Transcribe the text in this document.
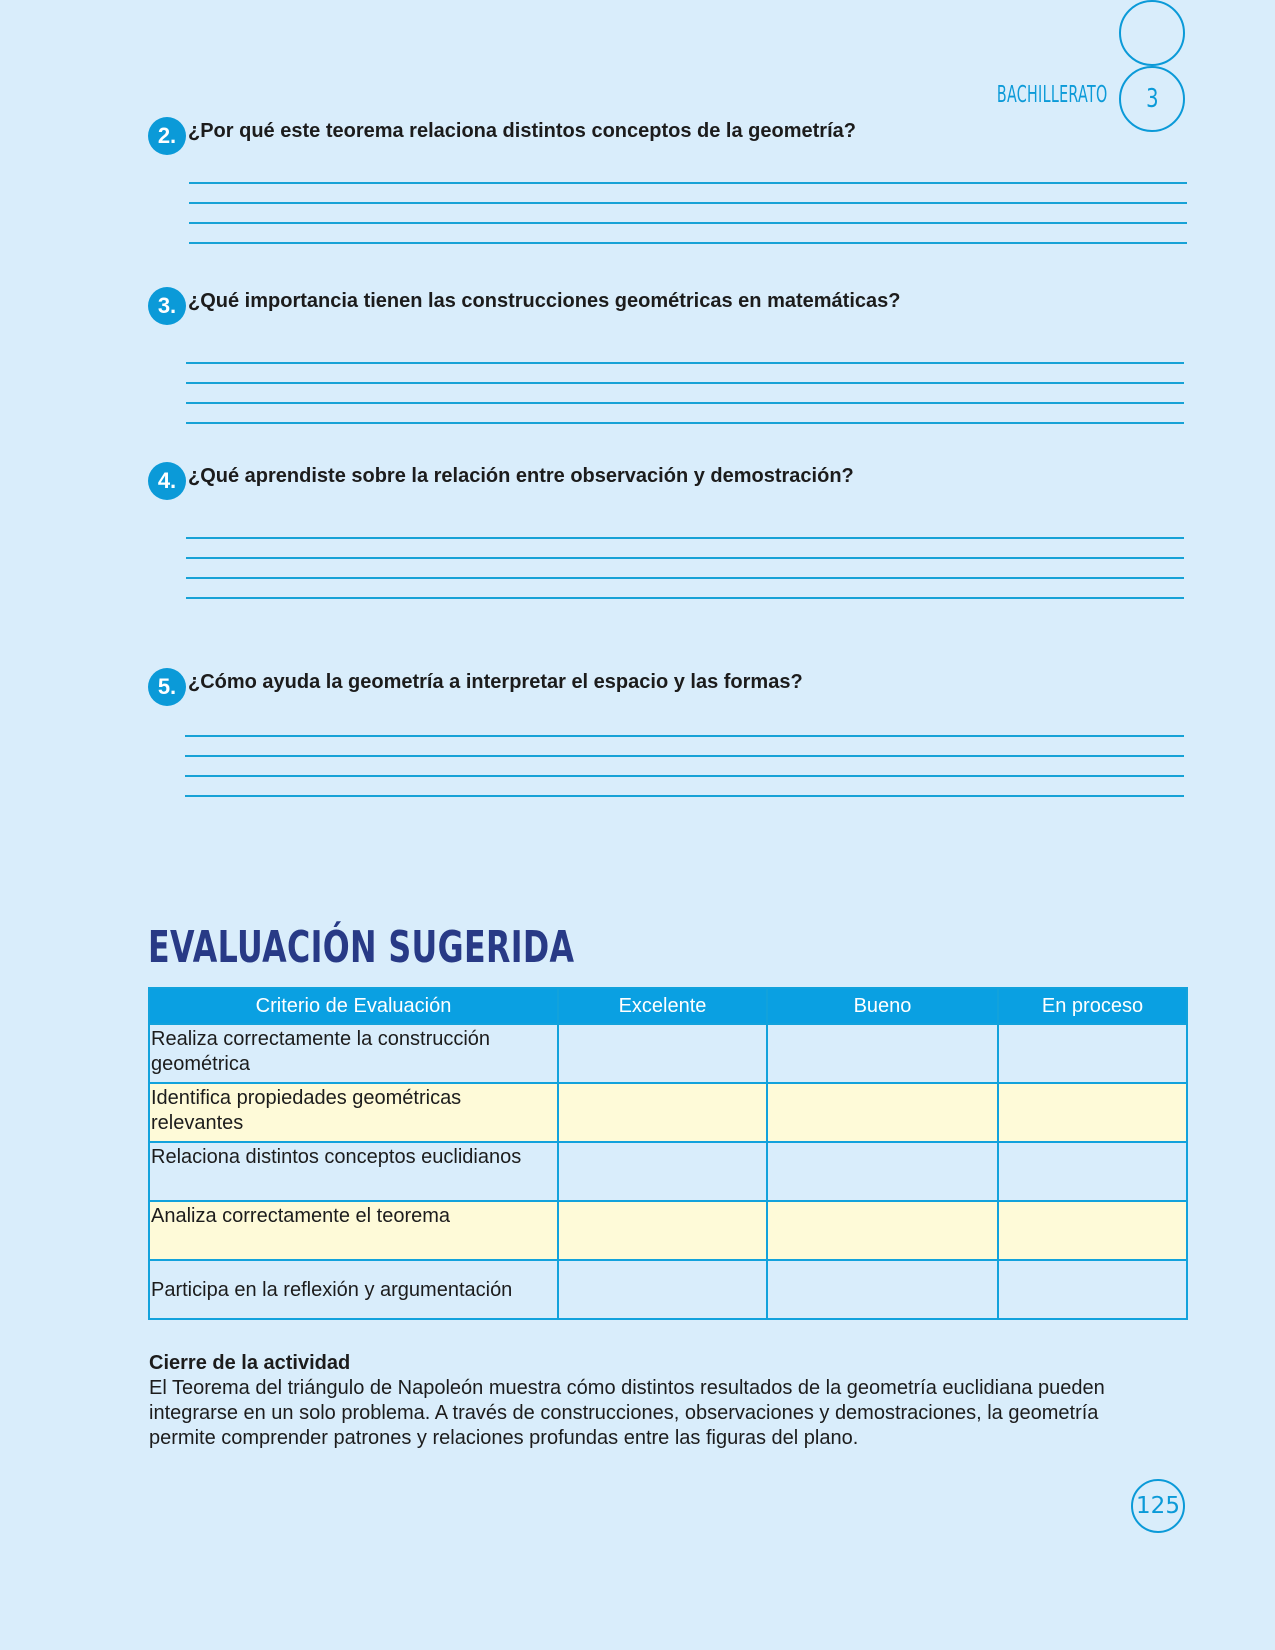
BACHILLERATO 3
2. ¿Por qué este teorema relaciona distintos conceptos de la geometría?
3. ¿Qué importancia tienen las construcciones geométricas en matemáticas?
4. ¿Qué aprendiste sobre la relación entre observación y demostración?
5. ¿Cómo ayuda la geometría a interpretar el espacio y las formas?
EVALUACIÓN SUGERIDA
Criterio de Evaluación	Excelente	Bueno	En proceso
Realiza correctamente la construcción geométrica			
Identifica propiedades geométricas relevantes			
Relaciona distintos conceptos euclidianos			
Analiza correctamente el teorema			
Participa en la reflexión y argumentación			
Cierre de la actividad
El Teorema del triángulo de Napoleón muestra cómo distintos resultados de la geometría euclidiana pueden integrarse en un solo problema. A través de construcciones, observaciones y demostraciones, la geometría permite comprender patrones y relaciones profundas entre las figuras del plano.
125
